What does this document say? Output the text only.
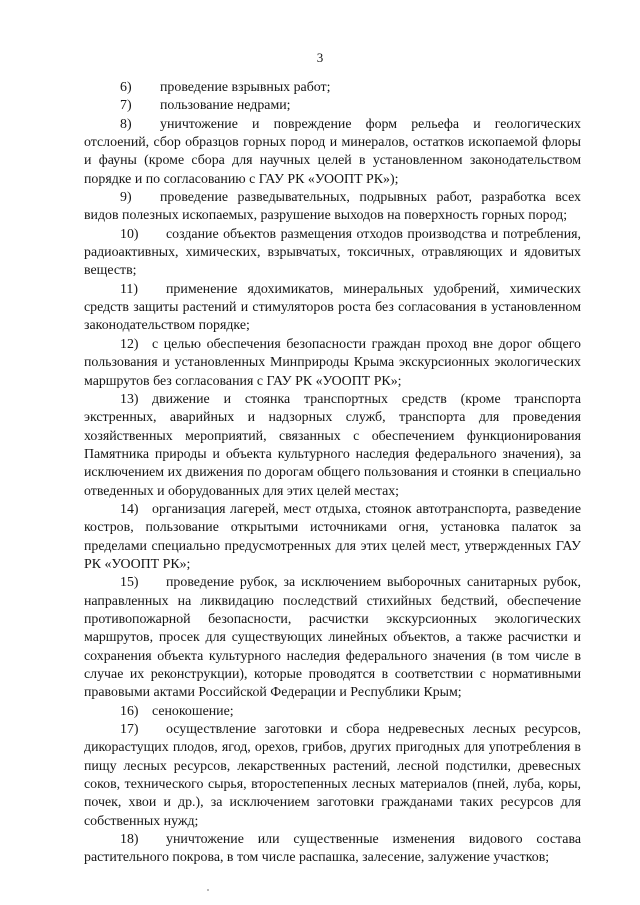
3

6) проведение взрывных работ;

7) пользование недрами;

8) уничтожение и повреждение форм рельефа и геологических отслоений, сбор образцов горных пород и минералов, остатков ископаемой флоры и фауны (кроме сбора для научных целей в установленном законодательством порядке и по согласованию с ГАУ РК «УООПТ РК»);

9) проведение разведывательных, подрывных работ, разработка всех видов полезных ископаемых, разрушение выходов на поверхность горных пород;

10) создание объектов размещения отходов производства и потребления, радиоактивных, химических, взрывчатых, токсичных, отравляющих и ядовитых веществ;

11) применение ядохимикатов, минеральных удобрений, химических средств защиты растений и стимуляторов роста без согласования в установленном законодательством порядке;

12) с целью обеспечения безопасности граждан проход вне дорог общего пользования и установленных Минприроды Крыма экскурсионных экологических маршрутов без согласования с ГАУ РК «УООПТ РК»;

13) движение и стоянка транспортных средств (кроме транспорта экстренных, аварийных и надзорных служб, транспорта для проведения хозяйственных мероприятий, связанных с обеспечением функционирования Памятника природы и объекта культурного наследия федерального значения), за исключением их движения по дорогам общего пользования и стоянки в специально отведенных и оборудованных для этих целей местах;

14) организация лагерей, мест отдыха, стоянок автотранспорта, разведение костров, пользование открытыми источниками огня, установка палаток за пределами специально предусмотренных для этих целей мест, утвержденных ГАУ РК «УООПТ РК»;

15) проведение рубок, за исключением выборочных санитарных рубок, направленных на ликвидацию последствий стихийных бедствий, обеспечение противопожарной безопасности, расчистки экскурсионных экологических маршрутов, просек для существующих линейных объектов, а также расчистки и сохранения объекта культурного наследия федерального значения (в том числе в случае их реконструкции), которые проводятся в соответствии с нормативными правовыми актами Российской Федерации и Республики Крым;

16) сенокошение;

17) осуществление заготовки и сбора недревесных лесных ресурсов, дикорастущих плодов, ягод, орехов, грибов, других пригодных для употребления в пищу лесных ресурсов, лекарственных растений, лесной подстилки, древесных соков, технического сырья, второстепенных лесных материалов (пней, луба, коры, почек, хвои и др.), за исключением заготовки гражданами таких ресурсов для собственных нужд;

18) уничтожение или существенные изменения видового состава растительного покрова, в том числе распашка, залесение, залужение участков;
